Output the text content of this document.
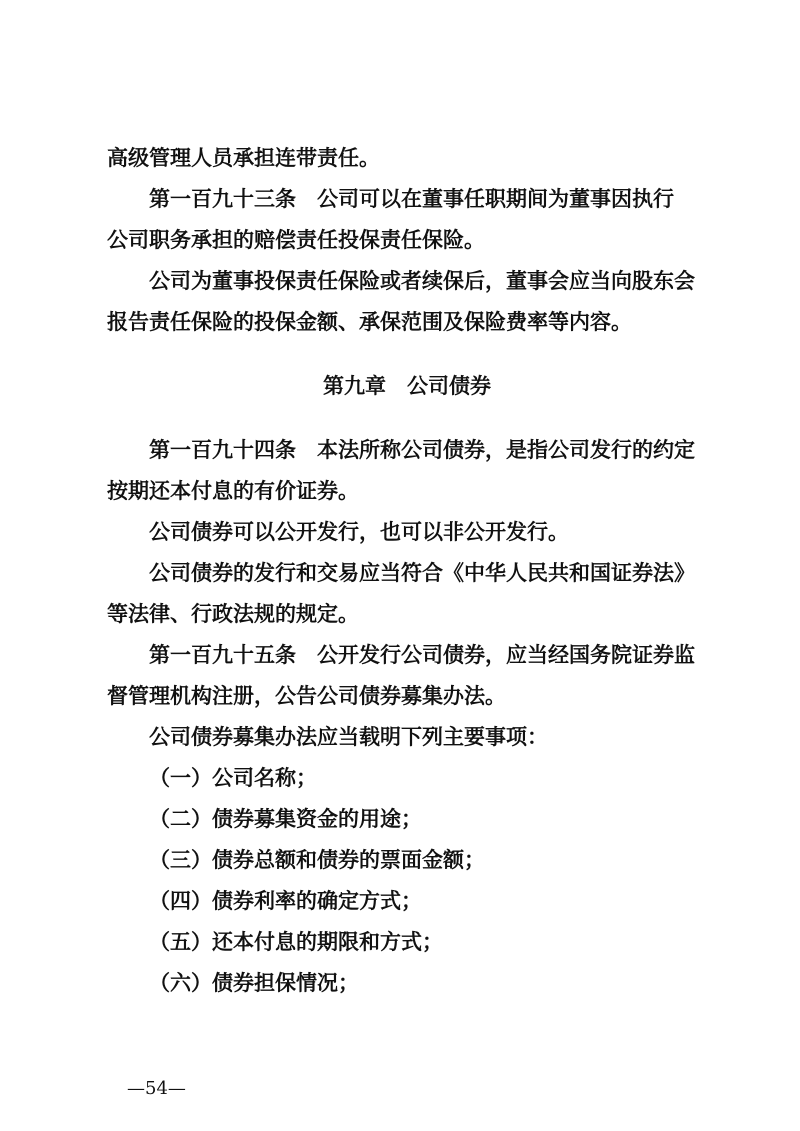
高级管理人员承担连带责任。

第一百九十三条　 公司可以在董事任职期间为董事因执行

公司职务承担的赔偿责任投保责任保险。

公司为董事投保责任保险或者续保后，董事会应当向股东会

报告责任保险的投保金额、承保范围及保险费率等内容。

第九章　公司债券

第一百九十四条　 本法所称公司债券，是指公司发行的约定

按期还本付息的有价证券。

公司债券可以公开发行，也可以非公开发行。

公司债券的发行和交易应当符合《中华人民共和国证券法》

等法律、行政法规的规定。

第一百九十五条　 公开发行公司债券，应当经国务院证券监

督管理机构注册，公告公司债券募集办法。

公司债券募集办法应当载明下列主要事项：

（一）公司名称；

（二）债券募集资金的用途；

（三）债券总额和债券的票面金额；

（四）债券利率的确定方式；

（五）还本付息的期限和方式；

（六）债券担保情况；

—54—
